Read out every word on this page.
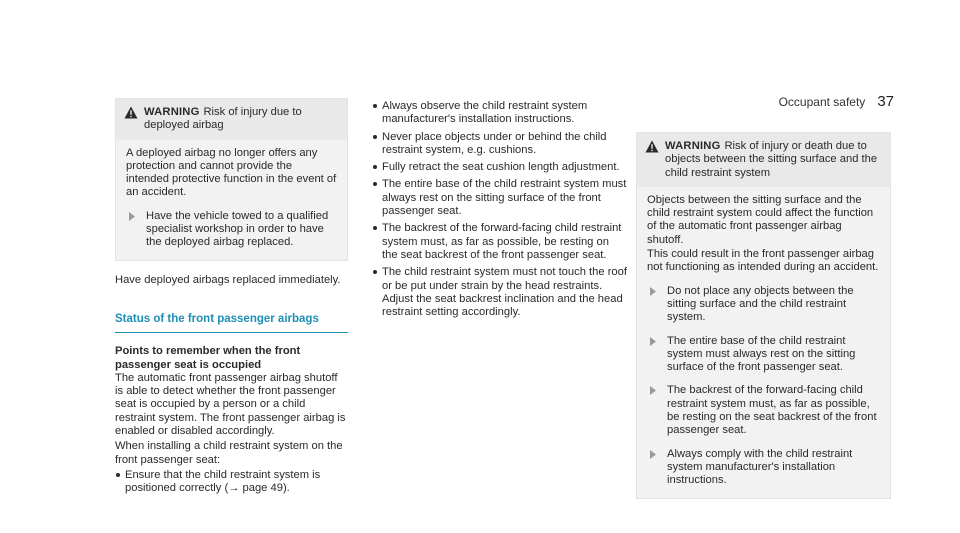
Occupant safety 37
WARNING Risk of injury due to deployed airbag

A deployed airbag no longer offers any protection and cannot provide the intended protective function in the event of an accident.

Have the vehicle towed to a qualified specialist workshop in order to have the deployed airbag replaced.

Have deployed airbags replaced immediately.

Status of the front passenger airbags

Points to remember when the front passenger seat is occupied

The automatic front passenger airbag shutoff is able to detect whether the front passenger seat is occupied by a person or a child restraint system. The front passenger airbag is enabled or disabled accordingly.

When installing a child restraint system on the front passenger seat:

Ensure that the child restraint system is positioned correctly (→ page 49).
Always observe the child restraint system manufacturer's installation instructions.
Never place objects under or behind the child restraint system, e.g. cushions.
Fully retract the seat cushion length adjustment.
The entire base of the child restraint system must always rest on the sitting surface of the front passenger seat.
The backrest of the forward-facing child restraint system must, as far as possible, be resting on the seat backrest of the front passenger seat.
The child restraint system must not touch the roof or be put under strain by the head restraints. Adjust the seat backrest inclination and the head restraint setting accordingly.
WARNING Risk of injury or death due to objects between the sitting surface and the child restraint system

Objects between the sitting surface and the child restraint system could affect the function of the automatic front passenger airbag shutoff.

This could result in the front passenger airbag not functioning as intended during an accident.

Do not place any objects between the sitting surface and the child restraint system.
The entire base of the child restraint system must always rest on the sitting surface of the front passenger seat.
The backrest of the forward-facing child restraint system must, as far as possible, be resting on the seat backrest of the front passenger seat.
Always comply with the child restraint system manufacturer's installation instructions.
